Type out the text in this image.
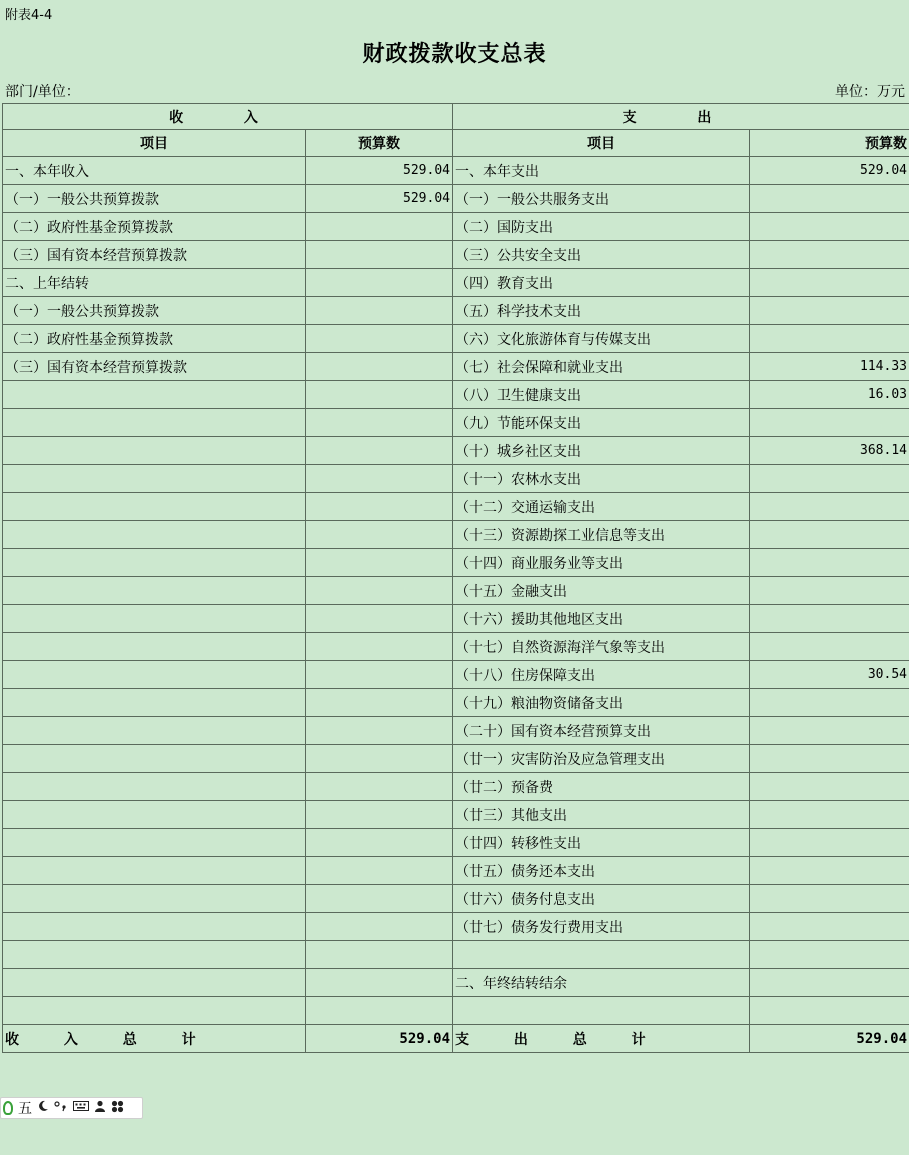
附表4-4
财政拨款收支总表
部门/单位：	单位：万元
收 入		支 出	
项目	预算数	项目	预算数
一、本年收入	529.04	一、本年支出	529.04
（一）一般公共预算拨款	529.04	（一）一般公共服务支出	
（二）政府性基金预算拨款		（二）国防支出	
（三）国有资本经营预算拨款		（三）公共安全支出	
二、上年结转		（四）教育支出	
（一）一般公共预算拨款		（五）科学技术支出	
（二）政府性基金预算拨款		（六）文化旅游体育与传媒支出	
（三）国有资本经营预算拨款		（七）社会保障和就业支出	114.33
		（八）卫生健康支出	16.03
		（九）节能环保支出	
		（十）城乡社区支出	368.14
		（十一）农林水支出	
		（十二）交通运输支出	
		（十三）资源勘探工业信息等支出	
		（十四）商业服务业等支出	
		（十五）金融支出	
		（十六）援助其他地区支出	
		（十七）自然资源海洋气象等支出	
		（十八）住房保障支出	30.54
		（十九）粮油物资储备支出	
		（二十）国有资本经营预算支出	
		（廿一）灾害防治及应急管理支出	
		（廿二）预备费	
		（廿三）其他支出	
		（廿四）转移性支出	
		（廿五）债务还本支出	
		（廿六）债务付息支出	
		（廿七）债务发行费用支出	

		二、年终结转结余	

收 入 总 计	529.04	支 出 总 计	529.04
五
